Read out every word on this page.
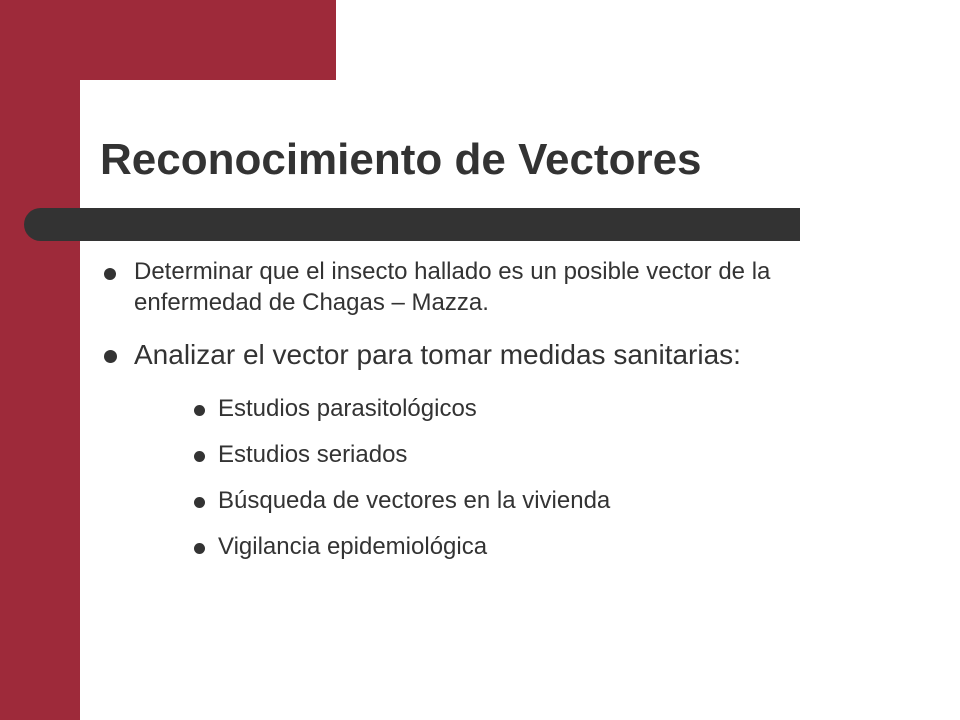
Reconocimiento de Vectores
Determinar que el insecto hallado es un posible vector de la enfermedad de Chagas – Mazza.
Analizar el vector para tomar medidas sanitarias:
Estudios parasitológicos
Estudios seriados
Búsqueda de vectores en la vivienda
Vigilancia epidemiológica
